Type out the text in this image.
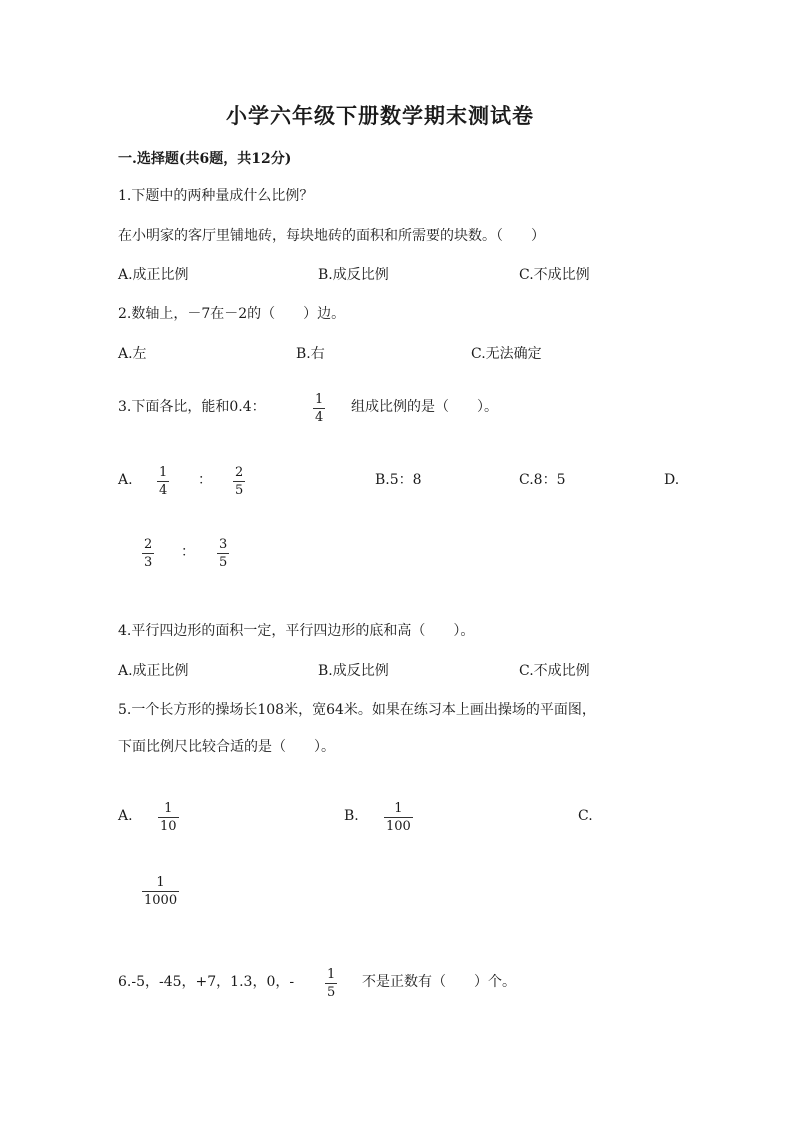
小学六年级下册数学期末测试卷
一.选择题(共6题，共12分)
1.下题中的两种量成什么比例？
在小明家的客厅里铺地砖，每块地砖的面积和所需要的块数。（　　）
A.成正比例	B.成反比例	C.不成比例
2.数轴上，－7在－2的（　　）边。
A.左	B.右	C.无法确定
3.下面各比，能和0.4：	1
4
组成比例的是（　　）。
A. 1
4
： 2
5
B.5：8	C.8：5	D.
2
3
： 3
5
4.平行四边形的面积一定，平行四边形的底和高（　　）。
A.成正比例	B.成反比例	C.不成比例
5.一个长方形的操场长108米，宽64米。如果在练习本上画出操场的平面图，
下面比例尺比较合适的是（　　）。
A. 1
10
B.	1
100
C.
1
1000
6.-5，-45，+7，1.3，0，-	1
5
不是正数有（　　）个。
